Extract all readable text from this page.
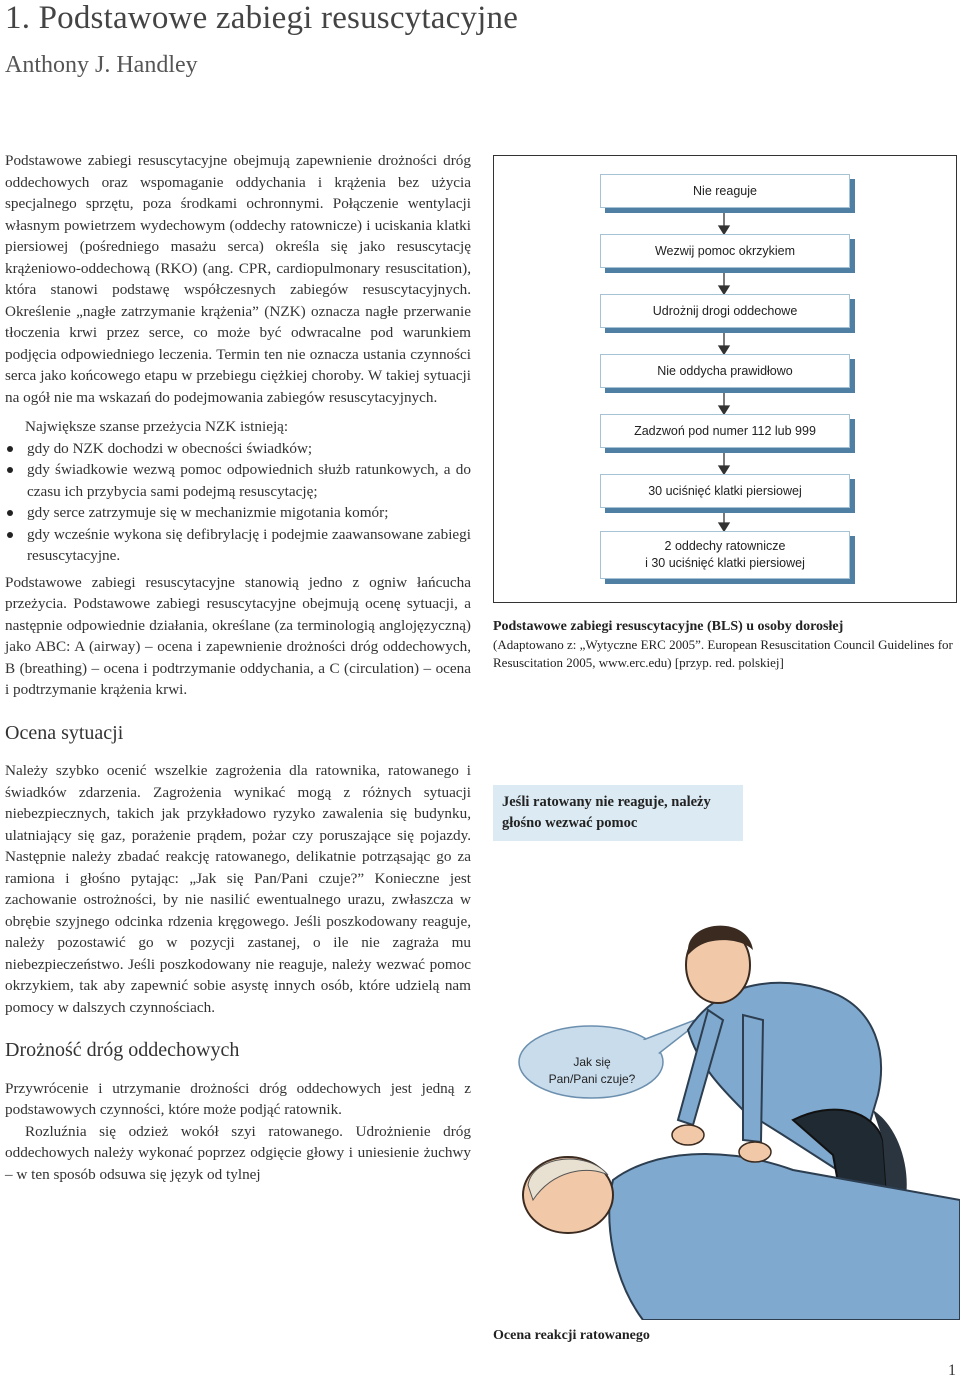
1. Podstawowe zabiegi resuscytacyjne
Anthony J. Handley

Podstawowe zabiegi resuscytacyjne obejmują zapewnienie drożności dróg oddechowych oraz wspomaganie oddychania i krążenia bez użycia specjalnego sprzętu, poza środkami ochronnymi. Połączenie wentylacji własnym powietrzem wydechowym (oddechy ratownicze) i uciskania klatki piersiowej (pośredniego masażu serca) określa się jako resuscytację krążeniowo-oddechową (RKO) (ang. CPR, cardiopulmonary resuscitation), która stanowi podstawę współczesnych zabiegów resuscytacyjnych. Określenie „nagłe zatrzymanie krążenia” (NZK) oznacza nagłe przerwanie tłoczenia krwi przez serce, co może być odwracalne pod warunkiem podjęcia odpowiedniego leczenia. Termin ten nie oznacza ustania czynności serca jako końcowego etapu w przebiegu ciężkiej choroby. W takiej sytuacji na ogół nie ma wskazań do podejmowania zabiegów resuscytacyjnych.

Największe szanse przeżycia NZK istnieją:

gdy do NZK dochodzi w obecności świadków;
gdy świadkowie wezwą pomoc odpowiednich służb ratunkowych, a do czasu ich przybycia sami podejmą resuscytację;
gdy serce zatrzymuje się w mechanizmie migotania komór;
gdy wcześnie wykona się defibrylację i podejmie zaawansowane zabiegi resuscytacyjne.

Podstawowe zabiegi resuscytacyjne stanowią jedno z ogniw łańcucha przeżycia. Podstawowe zabiegi resuscytacyjne obejmują ocenę sytuacji, a następnie odpowiednie działania, określane (za terminologią anglojęzyczną) jako ABC: A (airway) – ocena i zapewnienie drożności dróg oddechowych, B (breathing) – ocena i podtrzymanie oddychania, a C (circulation) – ocena i podtrzymanie krążenia krwi.

Ocena sytuacji

Należy szybko ocenić wszelkie zagrożenia dla ratownika, ratowanego i świadków zdarzenia. Zagrożenia wynikać mogą z różnych sytuacji niebezpiecznych, takich jak przykładowo ryzyko zawalenia się budynku, ulatniający się gaz, porażenie prądem, pożar czy poruszające się pojazdy. Następnie należy zbadać reakcję ratowanego, delikatnie potrząsając go za ramiona i głośno pytając: „Jak się Pan/Pani czuje?” Konieczne jest zachowanie ostrożności, by nie nasilić ewentualnego urazu, zwłaszcza w obrębie szyjnego odcinka rdzenia kręgowego. Jeśli poszkodowany reaguje, należy pozostawić go w pozycji zastanej, o ile nie zagraża mu niebezpieczeństwo. Jeśli poszkodowany nie reaguje, należy wezwać pomoc okrzykiem, tak aby zapewnić sobie asystę innych osób, które udzielą nam pomocy w dalszych czynnościach.

Drożność dróg oddechowych

Przywrócenie i utrzymanie drożności dróg oddechowych jest jedną z podstawowych czynności, które może podjąć ratownik.

Rozluźnia się odzież wokół szyi ratowanego. Udrożnienie dróg oddechowych należy wykonać poprzez odgięcie głowy i uniesienie żuchwy – w ten sposób odsuwa się język od tylnej

Nie reaguje
Wezwij pomoc okrzykiem
Udrożnij drogi oddechowe
Nie oddycha prawidłowo
Zadzwoń pod numer 112 lub 999
30 uciśnięć klatki piersiowej
2 oddechy ratownicze
i 30 uciśnięć klatki piersiowej
Podstawowe zabiegi resuscytacyjne (BLS) u osoby dorosłej
(Adaptowano z: „Wytyczne ERC 2005”. European Resuscitation Council Guidelines for Resuscitation 2005, www.erc.edu) [przyp. red. polskiej]
Jeśli ratowany nie reaguje, należy głośno wezwać pomoc
Jak się
Pan/Pani czuje?
Ocena reakcji ratowanego
1
